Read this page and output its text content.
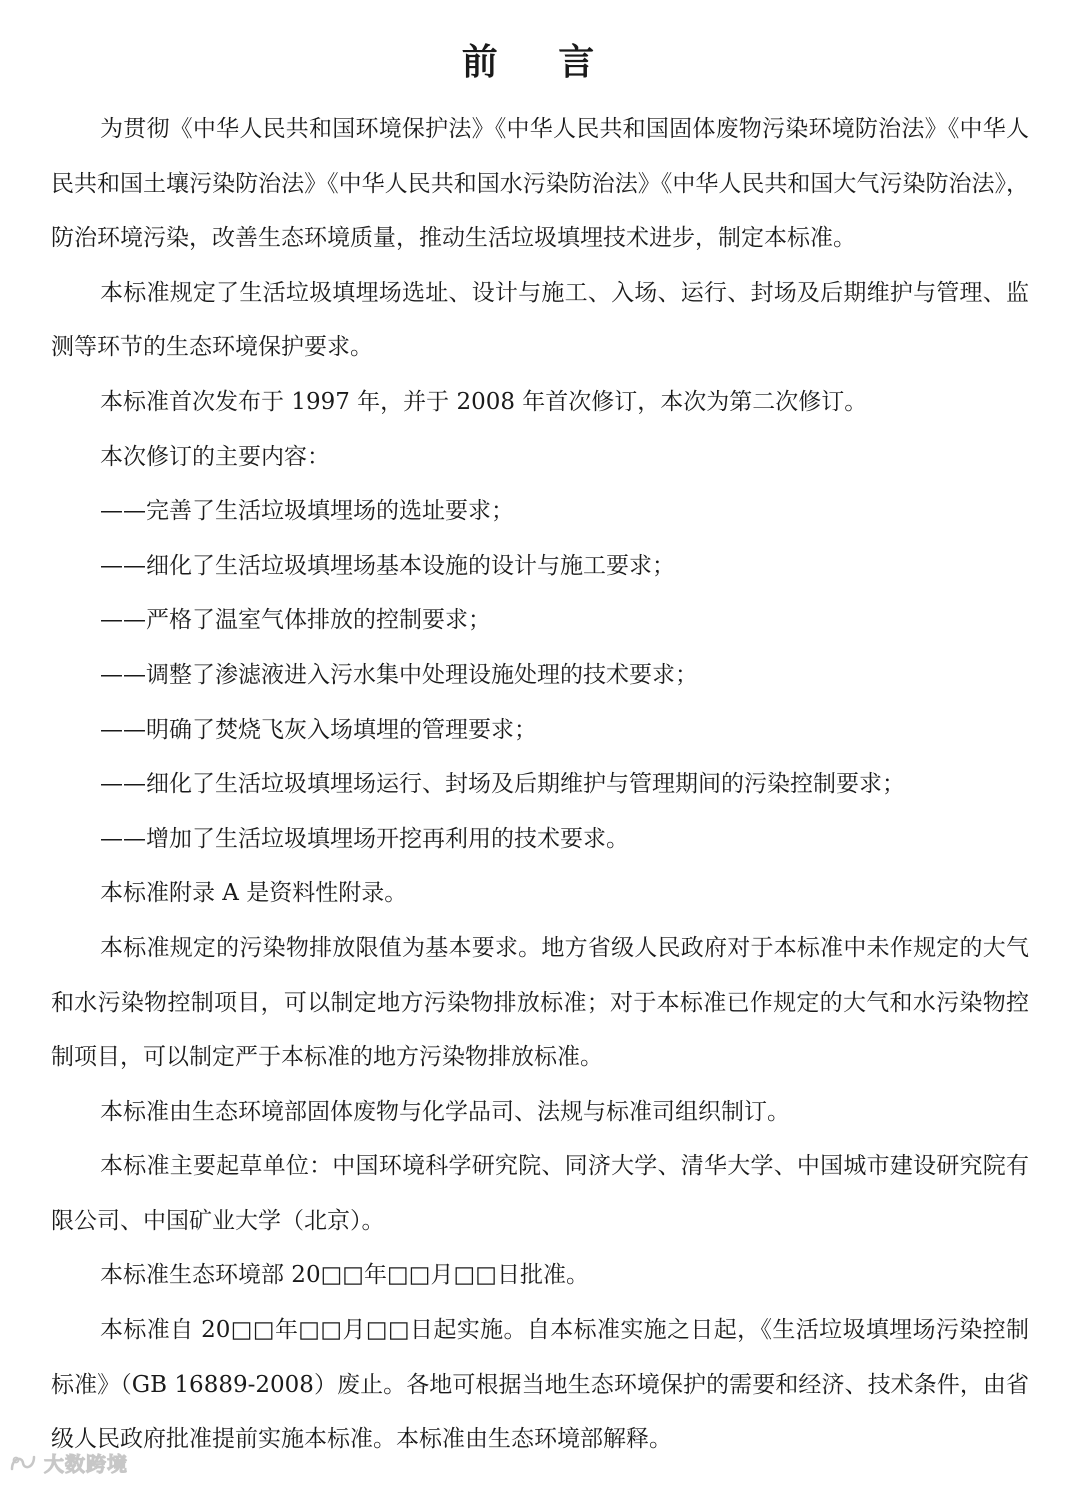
前 言

为贯彻《中华人民共和国环境保护法》《中华人民共和国固体废物污染环境防治法》《中华人民共和国土壤污染防治法》《中华人民共和国水污染防治法》《中华人民共和国大气污染防治法》，防治环境污染，改善生态环境质量，推动生活垃圾填埋技术进步，制定本标准。

本标准规定了生活垃圾填埋场选址、设计与施工、入场、运行、封场及后期维护与管理、监测等环节的生态环境保护要求。

本标准首次发布于 1997 年，并于 2008 年首次修订，本次为第二次修订。

本次修订的主要内容：

——完善了生活垃圾填埋场的选址要求；

——细化了生活垃圾填埋场基本设施的设计与施工要求；

——严格了温室气体排放的控制要求；

——调整了渗滤液进入污水集中处理设施处理的技术要求；

——明确了焚烧飞灰入场填埋的管理要求；

——细化了生活垃圾填埋场运行、封场及后期维护与管理期间的污染控制要求；

——增加了生活垃圾填埋场开挖再利用的技术要求。

本标准附录 A 是资料性附录。

本标准规定的污染物排放限值为基本要求。地方省级人民政府对于本标准中未作规定的大气和水污染物控制项目，可以制定地方污染物排放标准；对于本标准已作规定的大气和水污染物控制项目，可以制定严于本标准的地方污染物排放标准。

本标准由生态环境部固体废物与化学品司、法规与标准司组织制订。

本标准主要起草单位：中国环境科学研究院、同济大学、清华大学、中国城市建设研究院有限公司、中国矿业大学（北京）。

本标准生态环境部 20□□年□□月□□日批准。

本标准自 20□□年□□月□□日起实施。自本标准实施之日起，《生活垃圾填埋场污染控制标准》（GB 16889-2008）废止。各地可根据当地生态环境保护的需要和经济、技术条件，由省级人民政府批准提前实施本标准。本标准由生态环境部解释。

大数跨境
